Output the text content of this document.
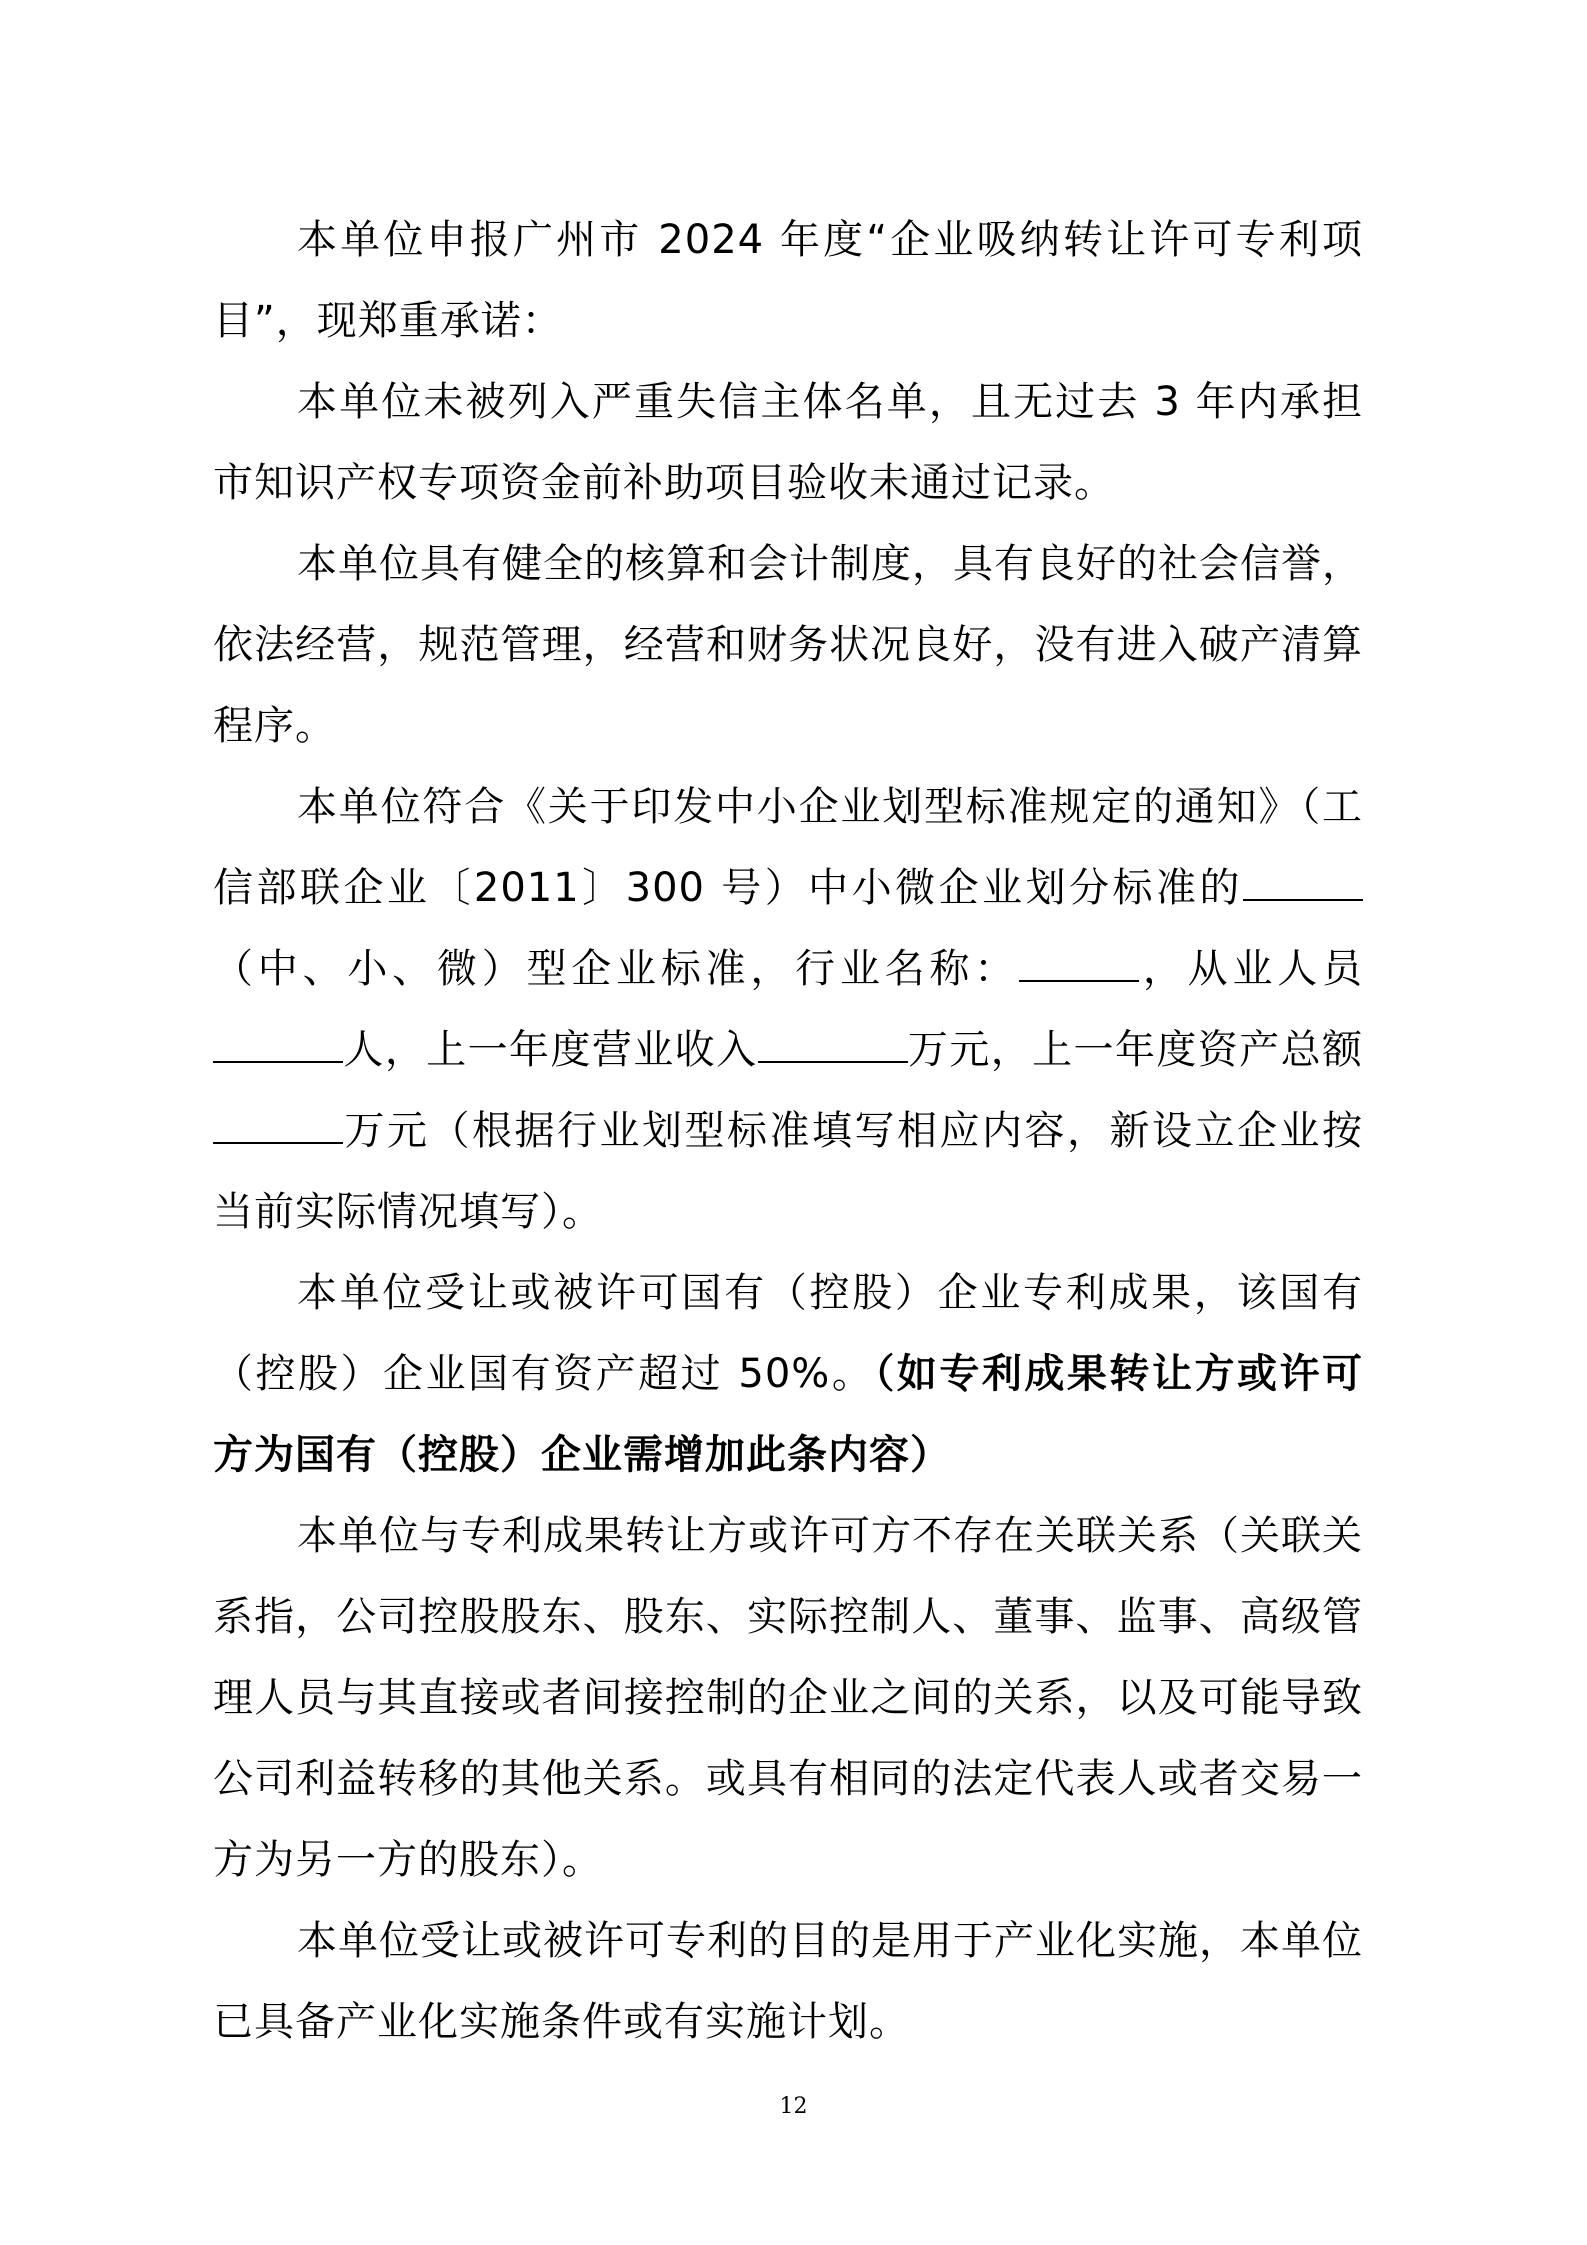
本单位申报广州市 2024 年度“企业吸纳转让许可专利项目”，现郑重承诺：

本单位未被列入严重失信主体名单，且无过去 3 年内承担市知识产权专项资金前补助项目验收未通过记录。

本单位具有健全的核算和会计制度，具有良好的社会信誉，依法经营，规范管理，经营和财务状况良好，没有进入破产清算程序。

本单位符合《关于印发中小企业划型标准规定的通知》（工信部联企业〔2011〕300 号）中小微企业划分标准的（中、小、微）型企业标准，行业名称：	，从业人员人，上一年度营业收入	万元，上一年度资产总额万元（根据行业划型标准填写相应内容，新设立企业按当前实际情况填写）。

本单位受让或被许可国有（控股）企业专利成果，该国有（控股）企业国有资产超过 50%。（如专利成果转让方或许可方为国有（控股）企业需增加此条内容）

本单位与专利成果转让方或许可方不存在关联关系（关联关系指，公司控股股东、股东、实际控制人、董事、监事、高级管理人员与其直接或者间接控制的企业之间的关系，以及可能导致公司利益转移的其他关系。或具有相同的法定代表人或者交易一方为另一方的股东）。

本单位受让或被许可专利的目的是用于产业化实施，本单位已具备产业化实施条件或有实施计划。

12
